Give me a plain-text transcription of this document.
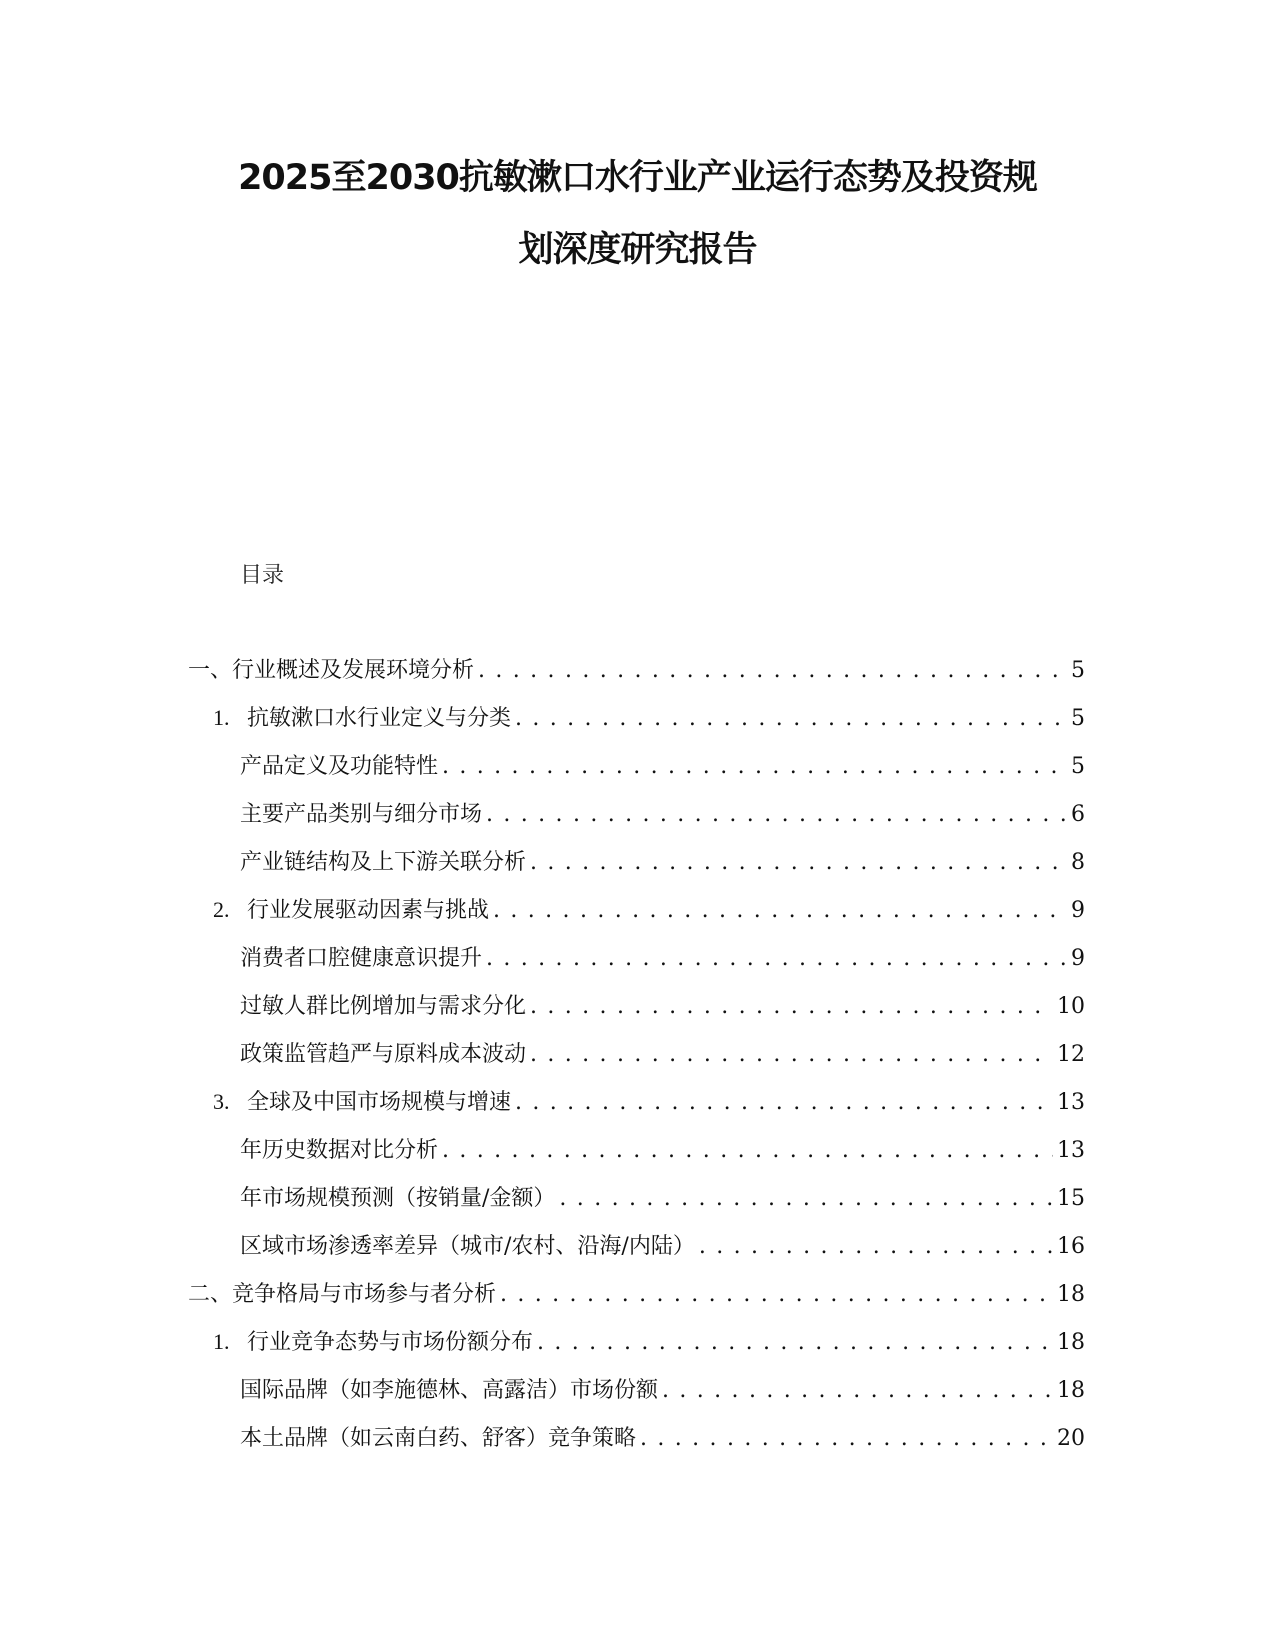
2025至2030抗敏漱口水行业产业运行态势及投资规
划深度研究报告
目录
一、行业概述及发展环境分析 . . .	5
1. 抗敏漱口水行业定义与分类 . . .	5
产品定义及功能特性 . . .	5
主要产品类别与细分市场 . . .	6
产业链结构及上下游关联分析 . . .	8
2. 行业发展驱动因素与挑战 . . .	9
消费者口腔健康意识提升 . . .	9
过敏人群比例增加与需求分化 . . .	10
政策监管趋严与原料成本波动 . . .	12
3. 全球及中国市场规模与增速 . . .	13
年历史数据对比分析 . . .	13
年市场规模预测（按销量/金额） . . .	15
区域市场渗透率差异（城市/农村、沿海/内陆） . . .	16
二、竞争格局与市场参与者分析 . . .	18
1. 行业竞争态势与市场份额分布 . . .	18
国际品牌（如李施德林、高露洁）市场份额 . . .	18
本土品牌（如云南白药、舒客）竞争策略 . . .	20
